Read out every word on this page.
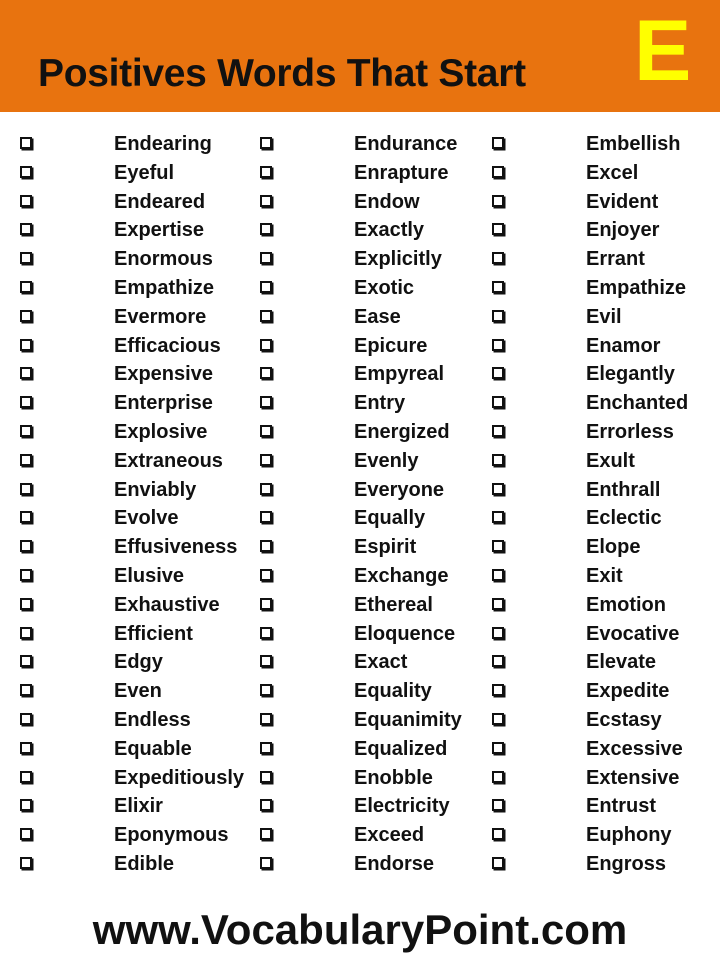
Positives Words That Start E
Endearing
Eyeful
Endeared
Expertise
Enormous
Empathize
Evermore
Efficacious
Expensive
Enterprise
Explosive
Extraneous
Enviably
Evolve
Effusiveness
Elusive
Exhaustive
Efficient
Edgy
Even
Endless
Equable
Expeditiously
Elixir
Eponymous
Edible
Endurance
Enrapture
Endow
Exactly
Explicitly
Exotic
Ease
Epicure
Empyreal
Entry
Energized
Evenly
Everyone
Equally
Espirit
Exchange
Ethereal
Eloquence
Exact
Equality
Equanimity
Equalized
Enobble
Electricity
Exceed
Endorse
Embellish
Excel
Evident
Enjoyer
Errant
Empathize
Evil
Enamor
Elegantly
Enchanted
Errorless
Exult
Enthrall
Eclectic
Elope
Exit
Emotion
Evocative
Elevate
Expedite
Ecstasy
Excessive
Extensive
Entrust
Euphony
Engross
www.VocabularyPoint.com
